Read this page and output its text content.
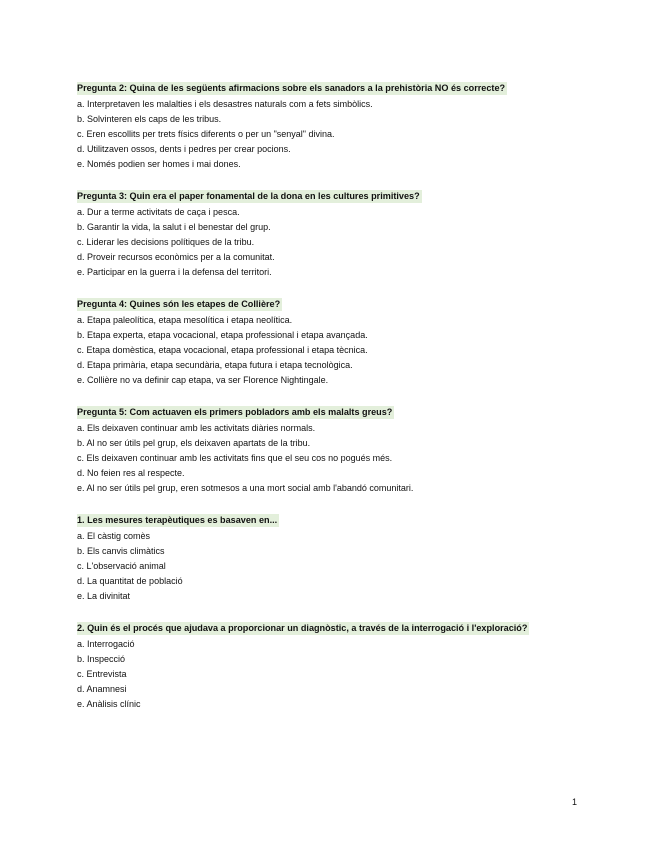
Pregunta 2: Quina de les següents afirmacions sobre els sanadors a la prehistòria NO és correcte?
a. Interpretaven les malalties i els desastres naturals com a fets simbòlics.
b. Solvinteren els caps de les tribus.
c. Eren escollits per trets físics diferents o per un "senyal" divina.
d. Utilitzaven ossos, dents i pedres per crear pocions.
e. Només podien ser homes i mai dones.
Pregunta 3: Quin era el paper fonamental de la dona en les cultures primitives?
a. Dur a terme activitats de caça i pesca.
b. Garantir la vida, la salut i el benestar del grup.
c. Liderar les decisions polítiques de la tribu.
d. Proveir recursos econòmics per a la comunitat.
e. Participar en la guerra i la defensa del territori.
Pregunta 4: Quines són les etapes de Collière?
a. Etapa paleolítica, etapa mesolítica i etapa neolítica.
b. Etapa experta, etapa vocacional, etapa professional i etapa avançada.
c. Etapa domèstica, etapa vocacional, etapa professional i etapa tècnica.
d. Etapa primària, etapa secundària, etapa futura i etapa tecnològica.
e. Collière no va definir cap etapa, va ser Florence Nightingale.
Pregunta 5: Com actuaven els primers pobladors amb els malalts greus?
a. Els deixaven continuar amb les activitats diàries normals.
b. Al no ser útils pel grup, els deixaven apartats de la tribu.
c. Els deixaven continuar amb les activitats fins que el seu cos no pogués més.
d. No feien res al respecte.
e. Al no ser útils pel grup, eren sotmesos a una mort social amb l'abandó comunitari.
1. Les mesures terapèutiques es basaven en...
a. El càstig comès
b. Els canvis climàtics
c. L'observació animal
d. La quantitat de població
e. La divinitat
2. Quin és el procés que ajudava a proporcionar un diagnòstic, a través de la interrogació i l'exploració?
a. Interrogació
b. Inspecció
c. Entrevista
d. Anamnesi
e. Anàlisis clínic
1
